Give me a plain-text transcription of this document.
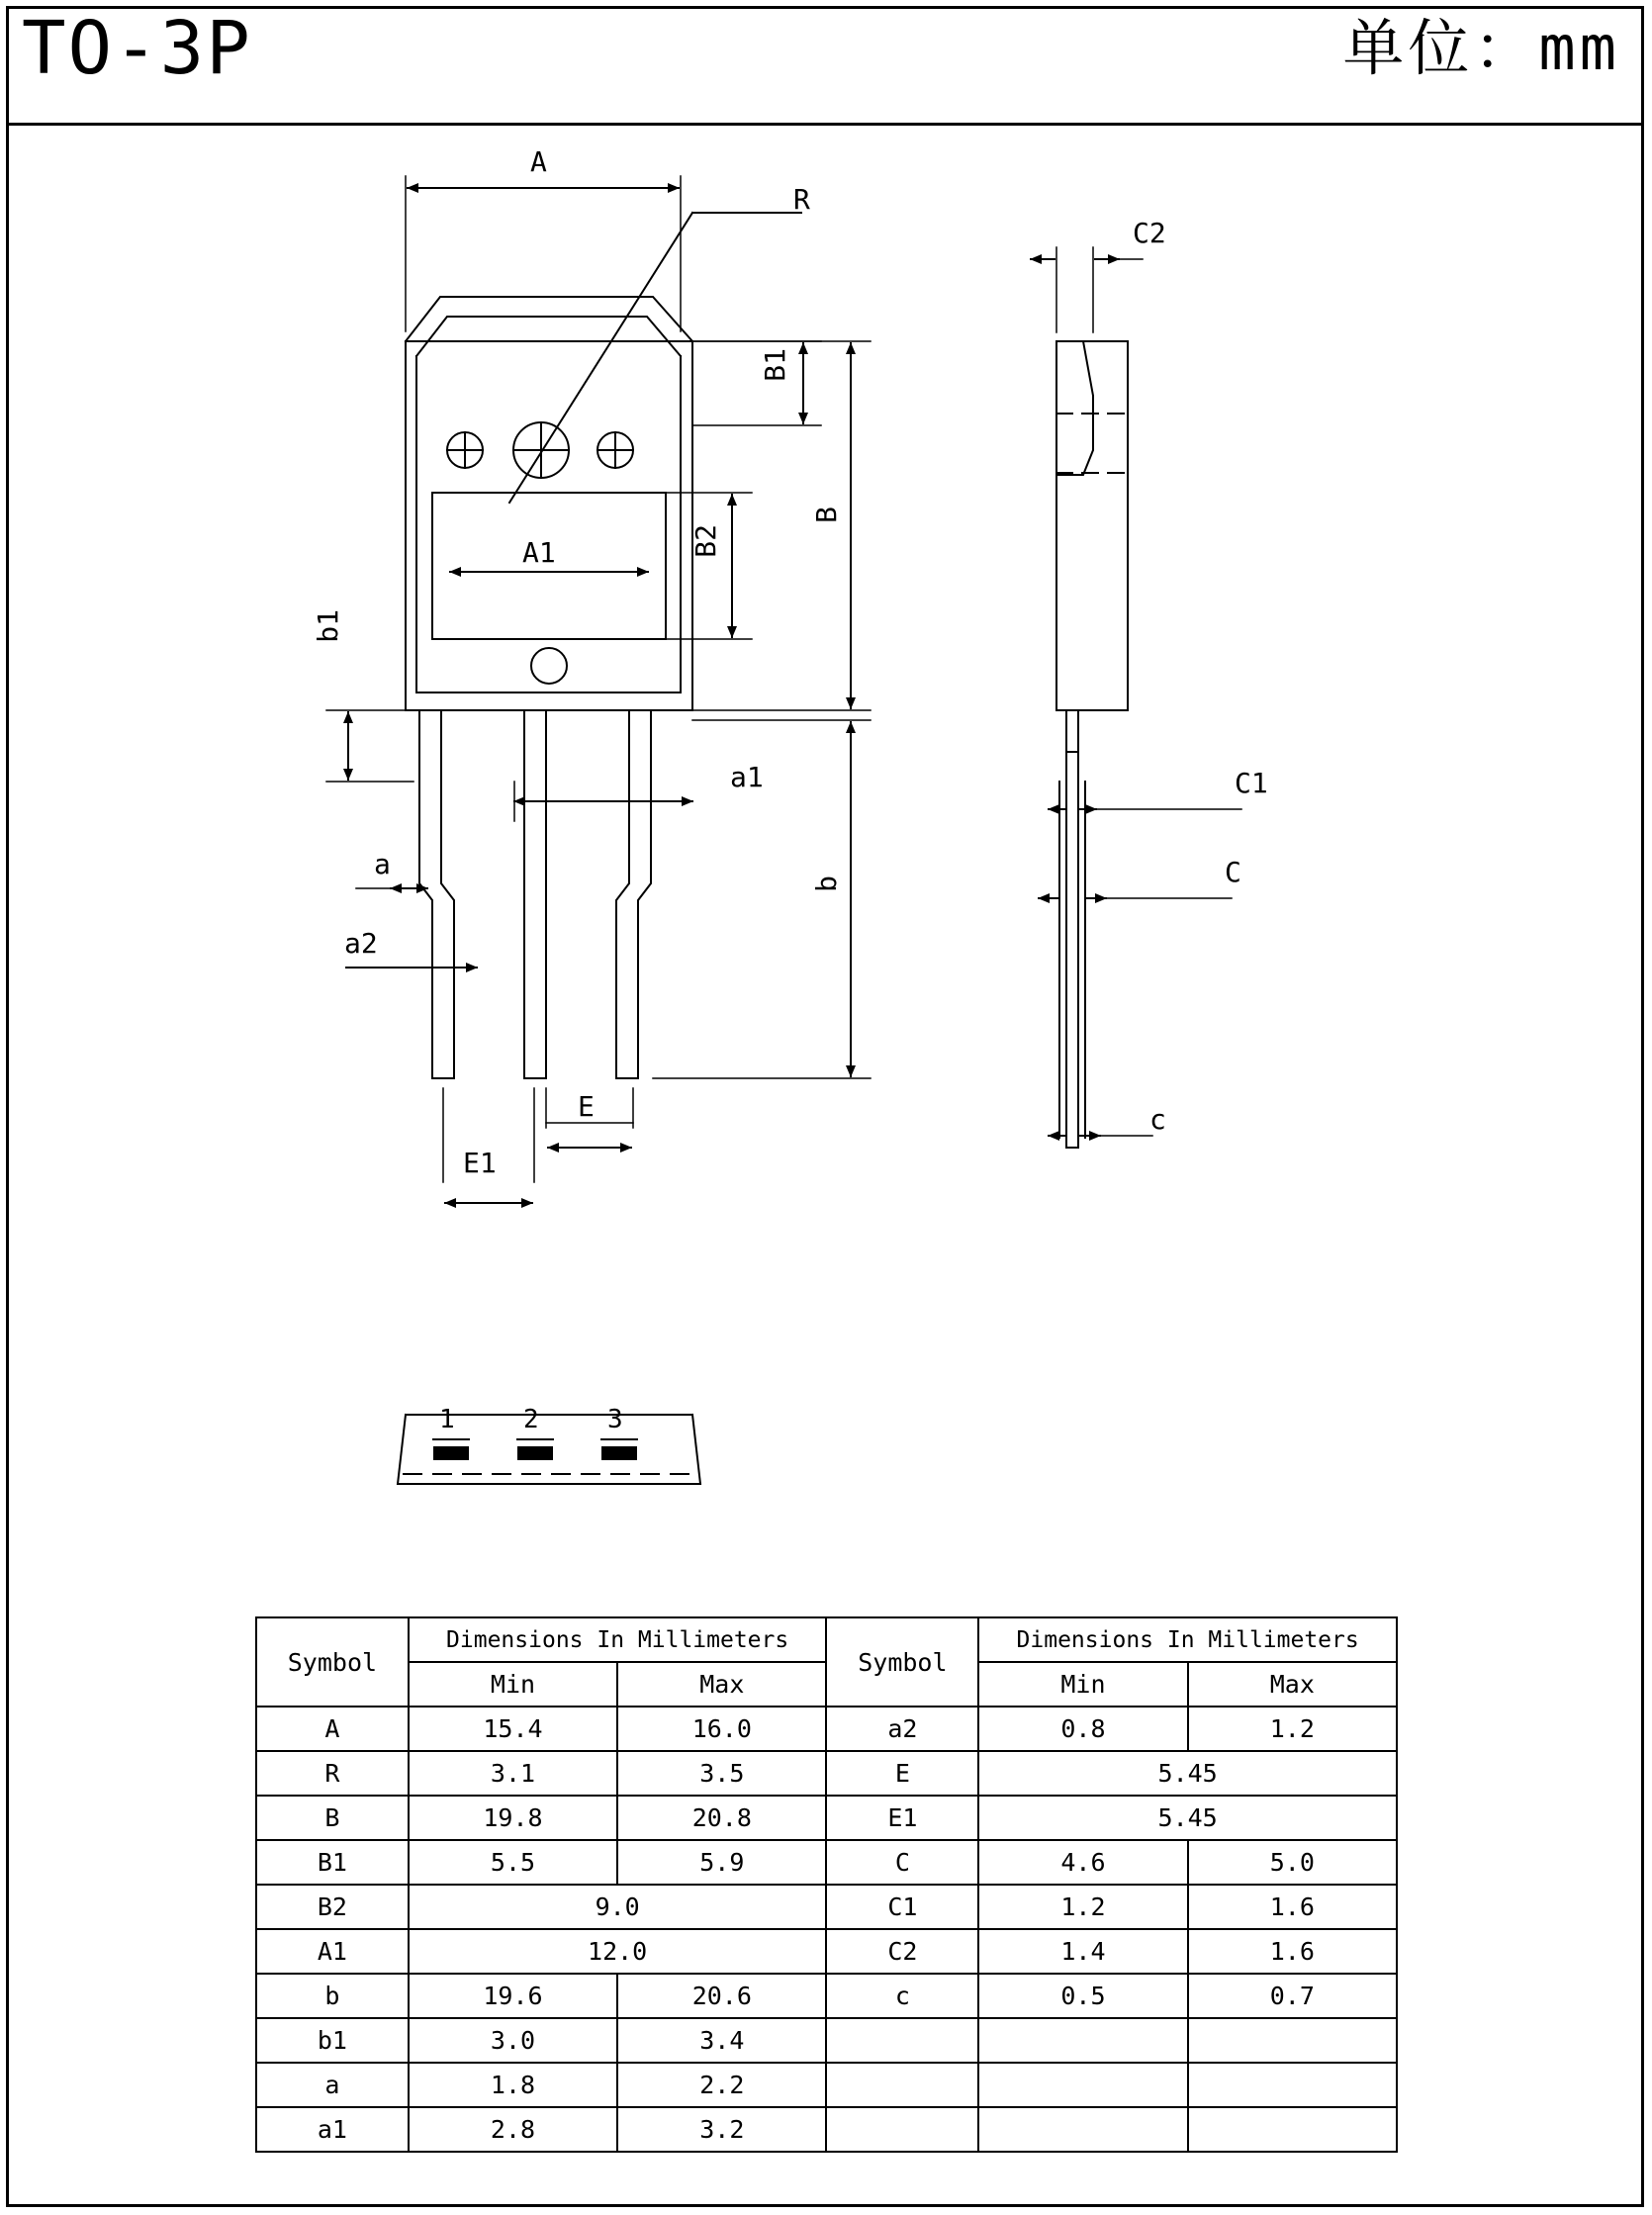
TO-3P	单位：mm
A
R
B1
B
A1	B2
b1
a
a1
a2
b
E
E1
C2
C1
C
c
1	2	3
Symbol	Dimensions In Millimeters		Symbol	Dimensions In Millimeters	
	Min	Max		Min	Max
A	15.4	16.0	a2	0.8	1.2
R	3.1	3.5	E	5.45	
B	19.8	20.8	E1	5.45	
B1	5.5	5.9	C	4.6	5.0
B2	9.0		C1	1.2	1.6
A1	12.0		C2	1.4	1.6
b	19.6	20.6	c	0.5	0.7
b1	3.0	3.4			
a	1.8	2.2			
a1	2.8	3.2			
